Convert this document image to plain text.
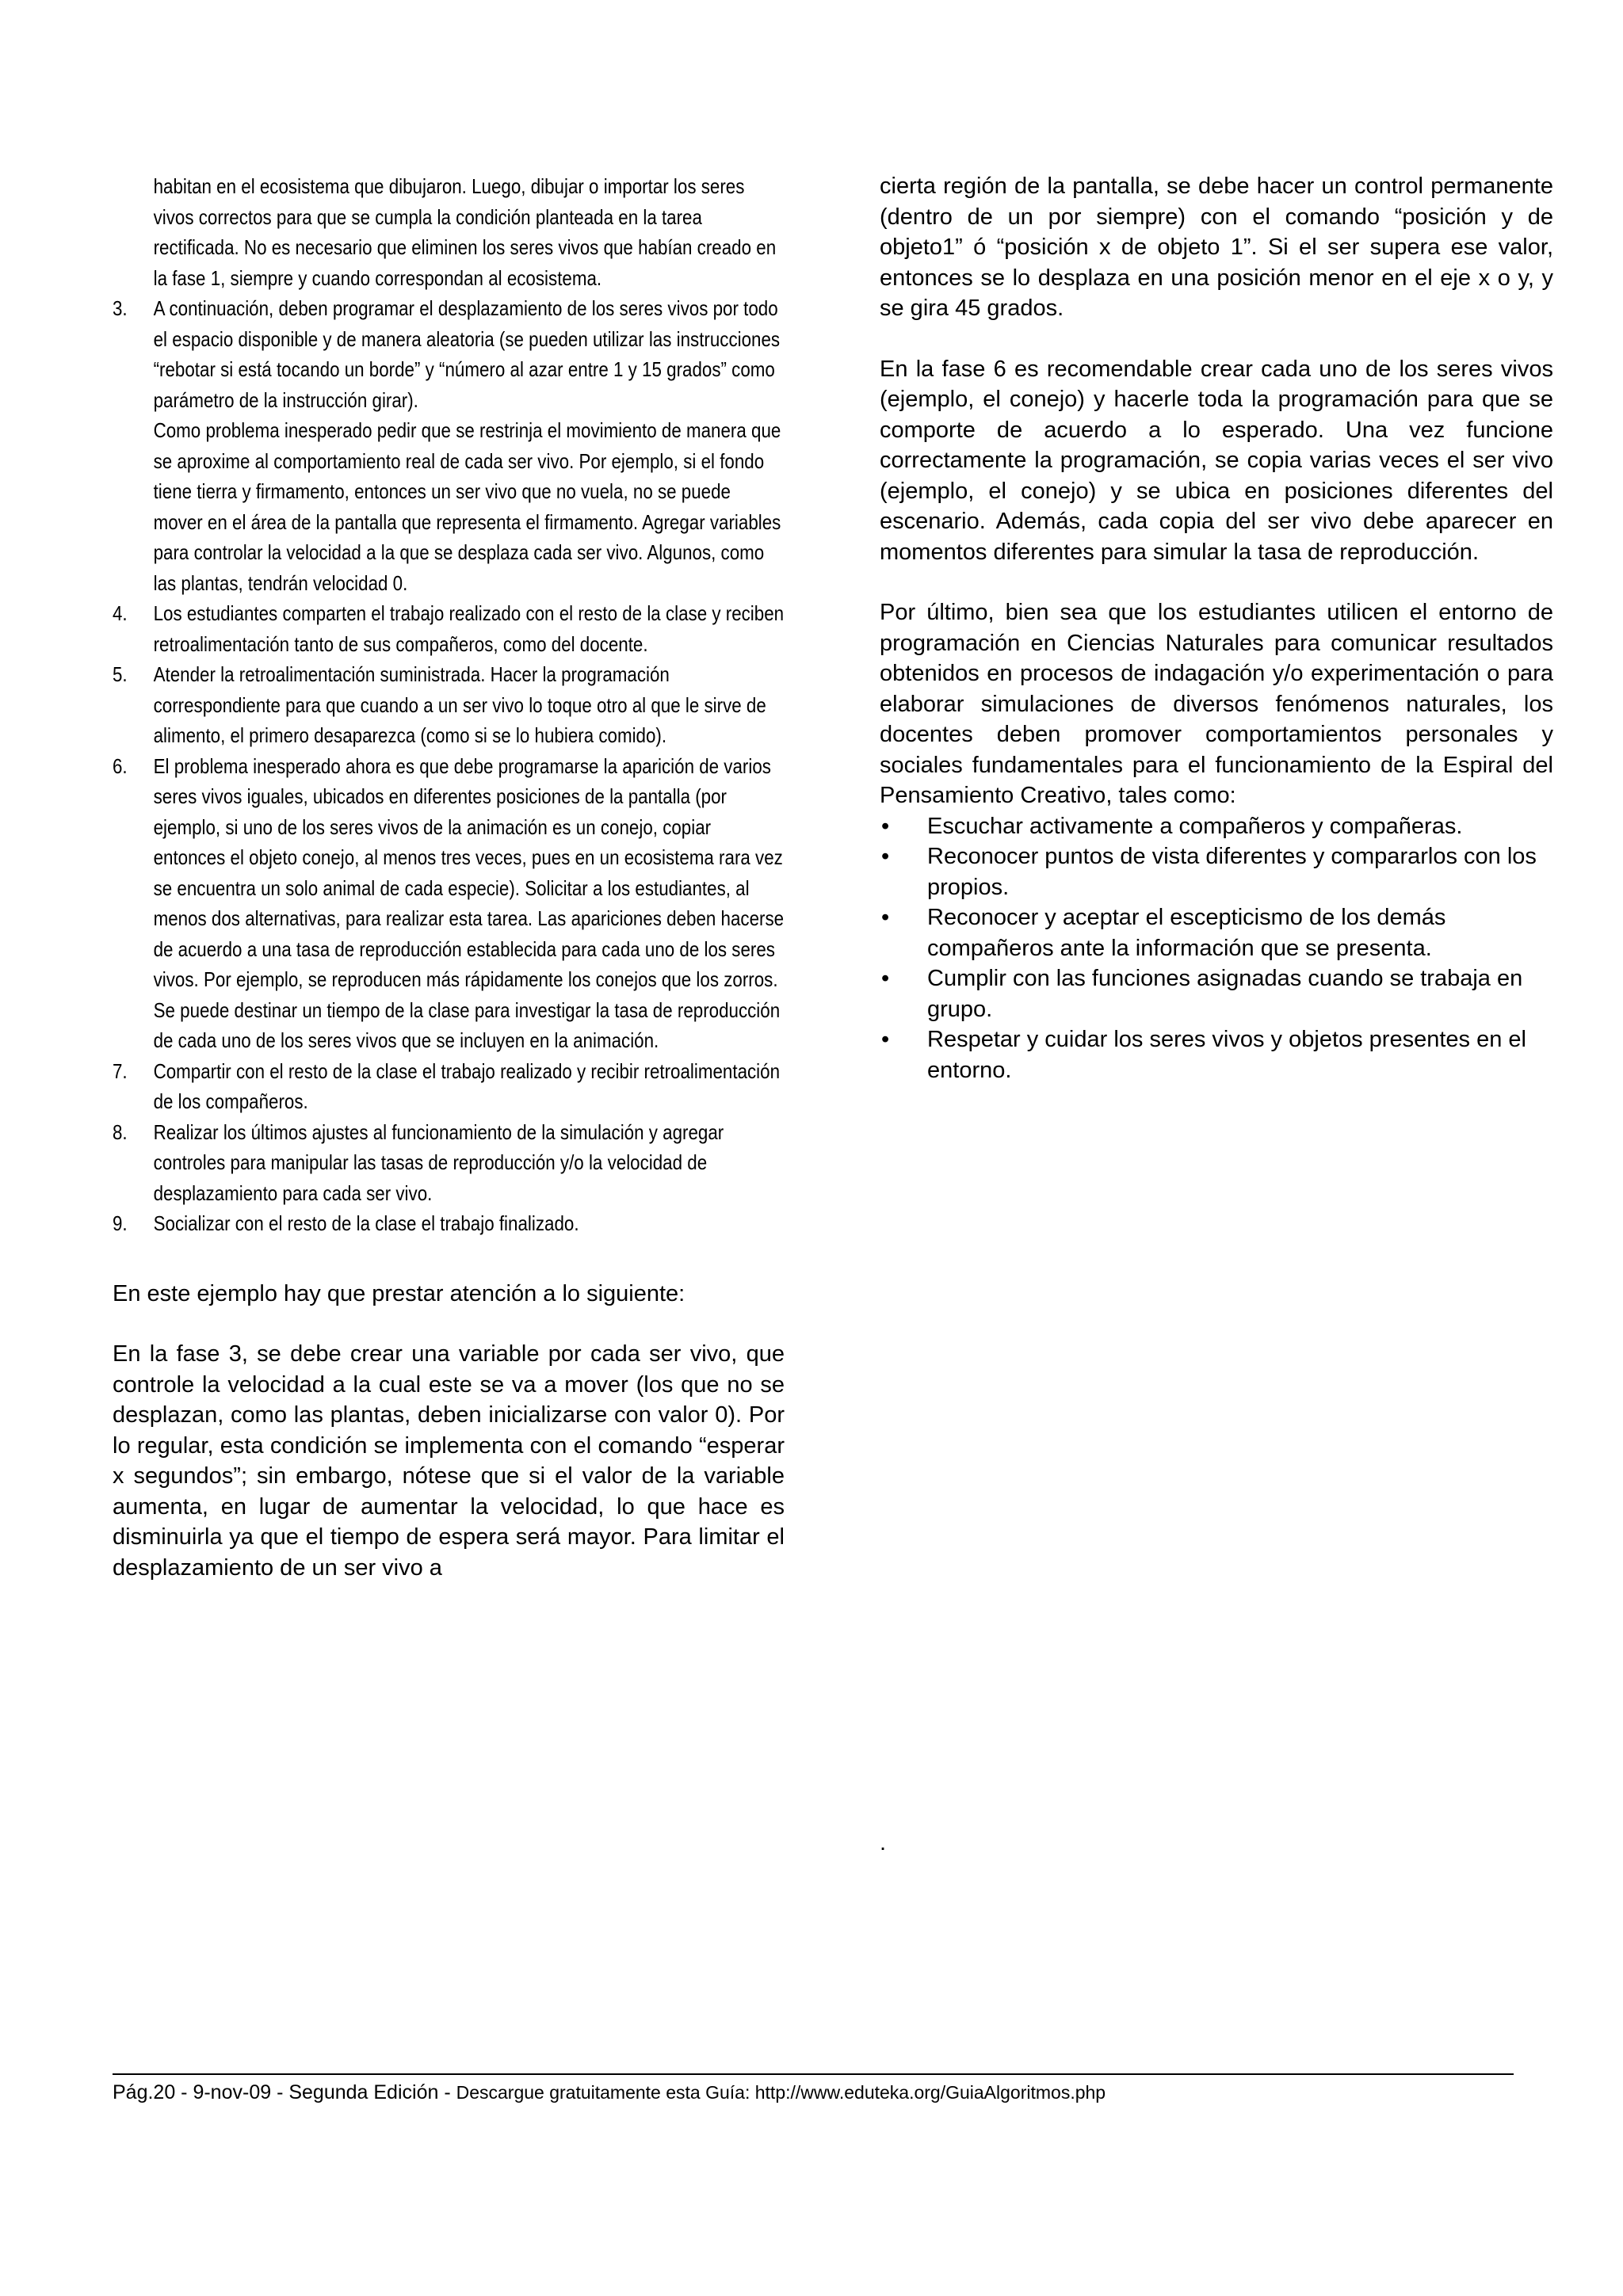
habitan en el ecosistema que dibujaron. Luego, dibujar o importar los seres vivos correctos para que se cumpla la condición planteada en la tarea rectificada. No es necesario que eliminen los seres vivos que habían creado en la fase 1, siempre y cuando correspondan al ecosistema.
3. A continuación, deben programar el desplazamiento de los seres vivos por todo el espacio disponible y de manera aleatoria (se pueden utilizar las instrucciones “rebotar si está tocando un borde” y “número al azar entre 1 y 15 grados” como parámetro de la instrucción girar).
Como problema inesperado pedir que se restrinja el movimiento de manera que se aproxime al comportamiento real de cada ser vivo. Por ejemplo, si el fondo tiene tierra y firmamento, entonces un ser vivo que no vuela, no se puede mover en el área de la pantalla que representa el firmamento. Agregar variables para controlar la velocidad a la que se desplaza cada ser vivo. Algunos, como las plantas, tendrán velocidad 0.
4. Los estudiantes comparten el trabajo realizado con el resto de la clase y reciben retroalimentación tanto de sus compañeros, como del docente.
5. Atender la retroalimentación suministrada. Hacer la programación correspondiente para que cuando a un ser vivo lo toque otro al que le sirve de alimento, el primero desaparezca (como si se lo hubiera comido).
6. El problema inesperado ahora es que debe programarse la aparición de varios seres vivos iguales, ubicados en diferentes posiciones de la pantalla (por ejemplo, si uno de los seres vivos de la animación es un conejo, copiar entonces el objeto conejo, al menos tres veces, pues en un ecosistema rara vez se encuentra un solo animal de cada especie). Solicitar a los estudiantes, al menos dos alternativas, para realizar esta tarea. Las apariciones deben hacerse de acuerdo a una tasa de reproducción establecida para cada uno de los seres vivos. Por ejemplo, se reproducen más rápidamente los conejos que los zorros.
Se puede destinar un tiempo de la clase para investigar la tasa de reproducción de cada uno de los seres vivos que se incluyen en la animación.
7. Compartir con el resto de la clase el trabajo realizado y recibir retroalimentación de los compañeros.
8. Realizar los últimos ajustes al funcionamiento de la simulación y agregar controles para manipular las tasas de reproducción y/o la velocidad de desplazamiento para cada ser vivo.
9. Socializar con el resto de la clase el trabajo finalizado.

En este ejemplo hay que prestar atención a lo siguiente:

En la fase 3, se debe crear una variable por cada ser vivo, que controle la velocidad a la cual este se va a mover (los que no se desplazan, como las plantas, deben inicializarse con valor 0). Por lo regular, esta condición se implementa con el comando “esperar x segundos”; sin embargo, nótese que si el valor de la variable aumenta, en lugar de aumentar la velocidad, lo que hace es disminuirla ya que el tiempo de espera será mayor. Para limitar el desplazamiento de un ser vivo a

cierta región de la pantalla, se debe hacer un control permanente (dentro de un por siempre) con el comando “posición y de objeto1” ó “posición x de objeto 1”. Si el ser supera ese valor, entonces se lo desplaza en una posición menor en el eje x o y, y se gira 45 grados.

En la fase 6 es recomendable crear cada uno de los seres vivos (ejemplo, el conejo) y hacerle toda la programación para que se comporte de acuerdo a lo esperado. Una vez funcione correctamente la programación, se copia varias veces el ser vivo (ejemplo, el conejo) y se ubica en posiciones diferentes del escenario. Además, cada copia del ser vivo debe aparecer en momentos diferentes para simular la tasa de reproducción.

Por último, bien sea que los estudiantes utilicen el entorno de programación en Ciencias Naturales para comunicar resultados obtenidos en procesos de indagación y/o experimentación o para elaborar simulaciones de diversos fenómenos naturales, los docentes deben promover comportamientos personales y sociales fundamentales para el funcionamiento de la Espiral del Pensamiento Creativo, tales como:

• Escuchar activamente a compañeros y compañeras.
• Reconocer puntos de vista diferentes y compararlos con los propios.
• Reconocer y aceptar el escepticismo de los demás compañeros ante la información que se presenta.
• Cumplir con las funciones asignadas cuando se trabaja en grupo.
• Respetar y cuidar los seres vivos y objetos presentes en el entorno.
.
Pág.20 - 9-nov-09 - Segunda Edición - Descargue gratuitamente esta Guía: http://www.eduteka.org/GuiaAlgoritmos.php
